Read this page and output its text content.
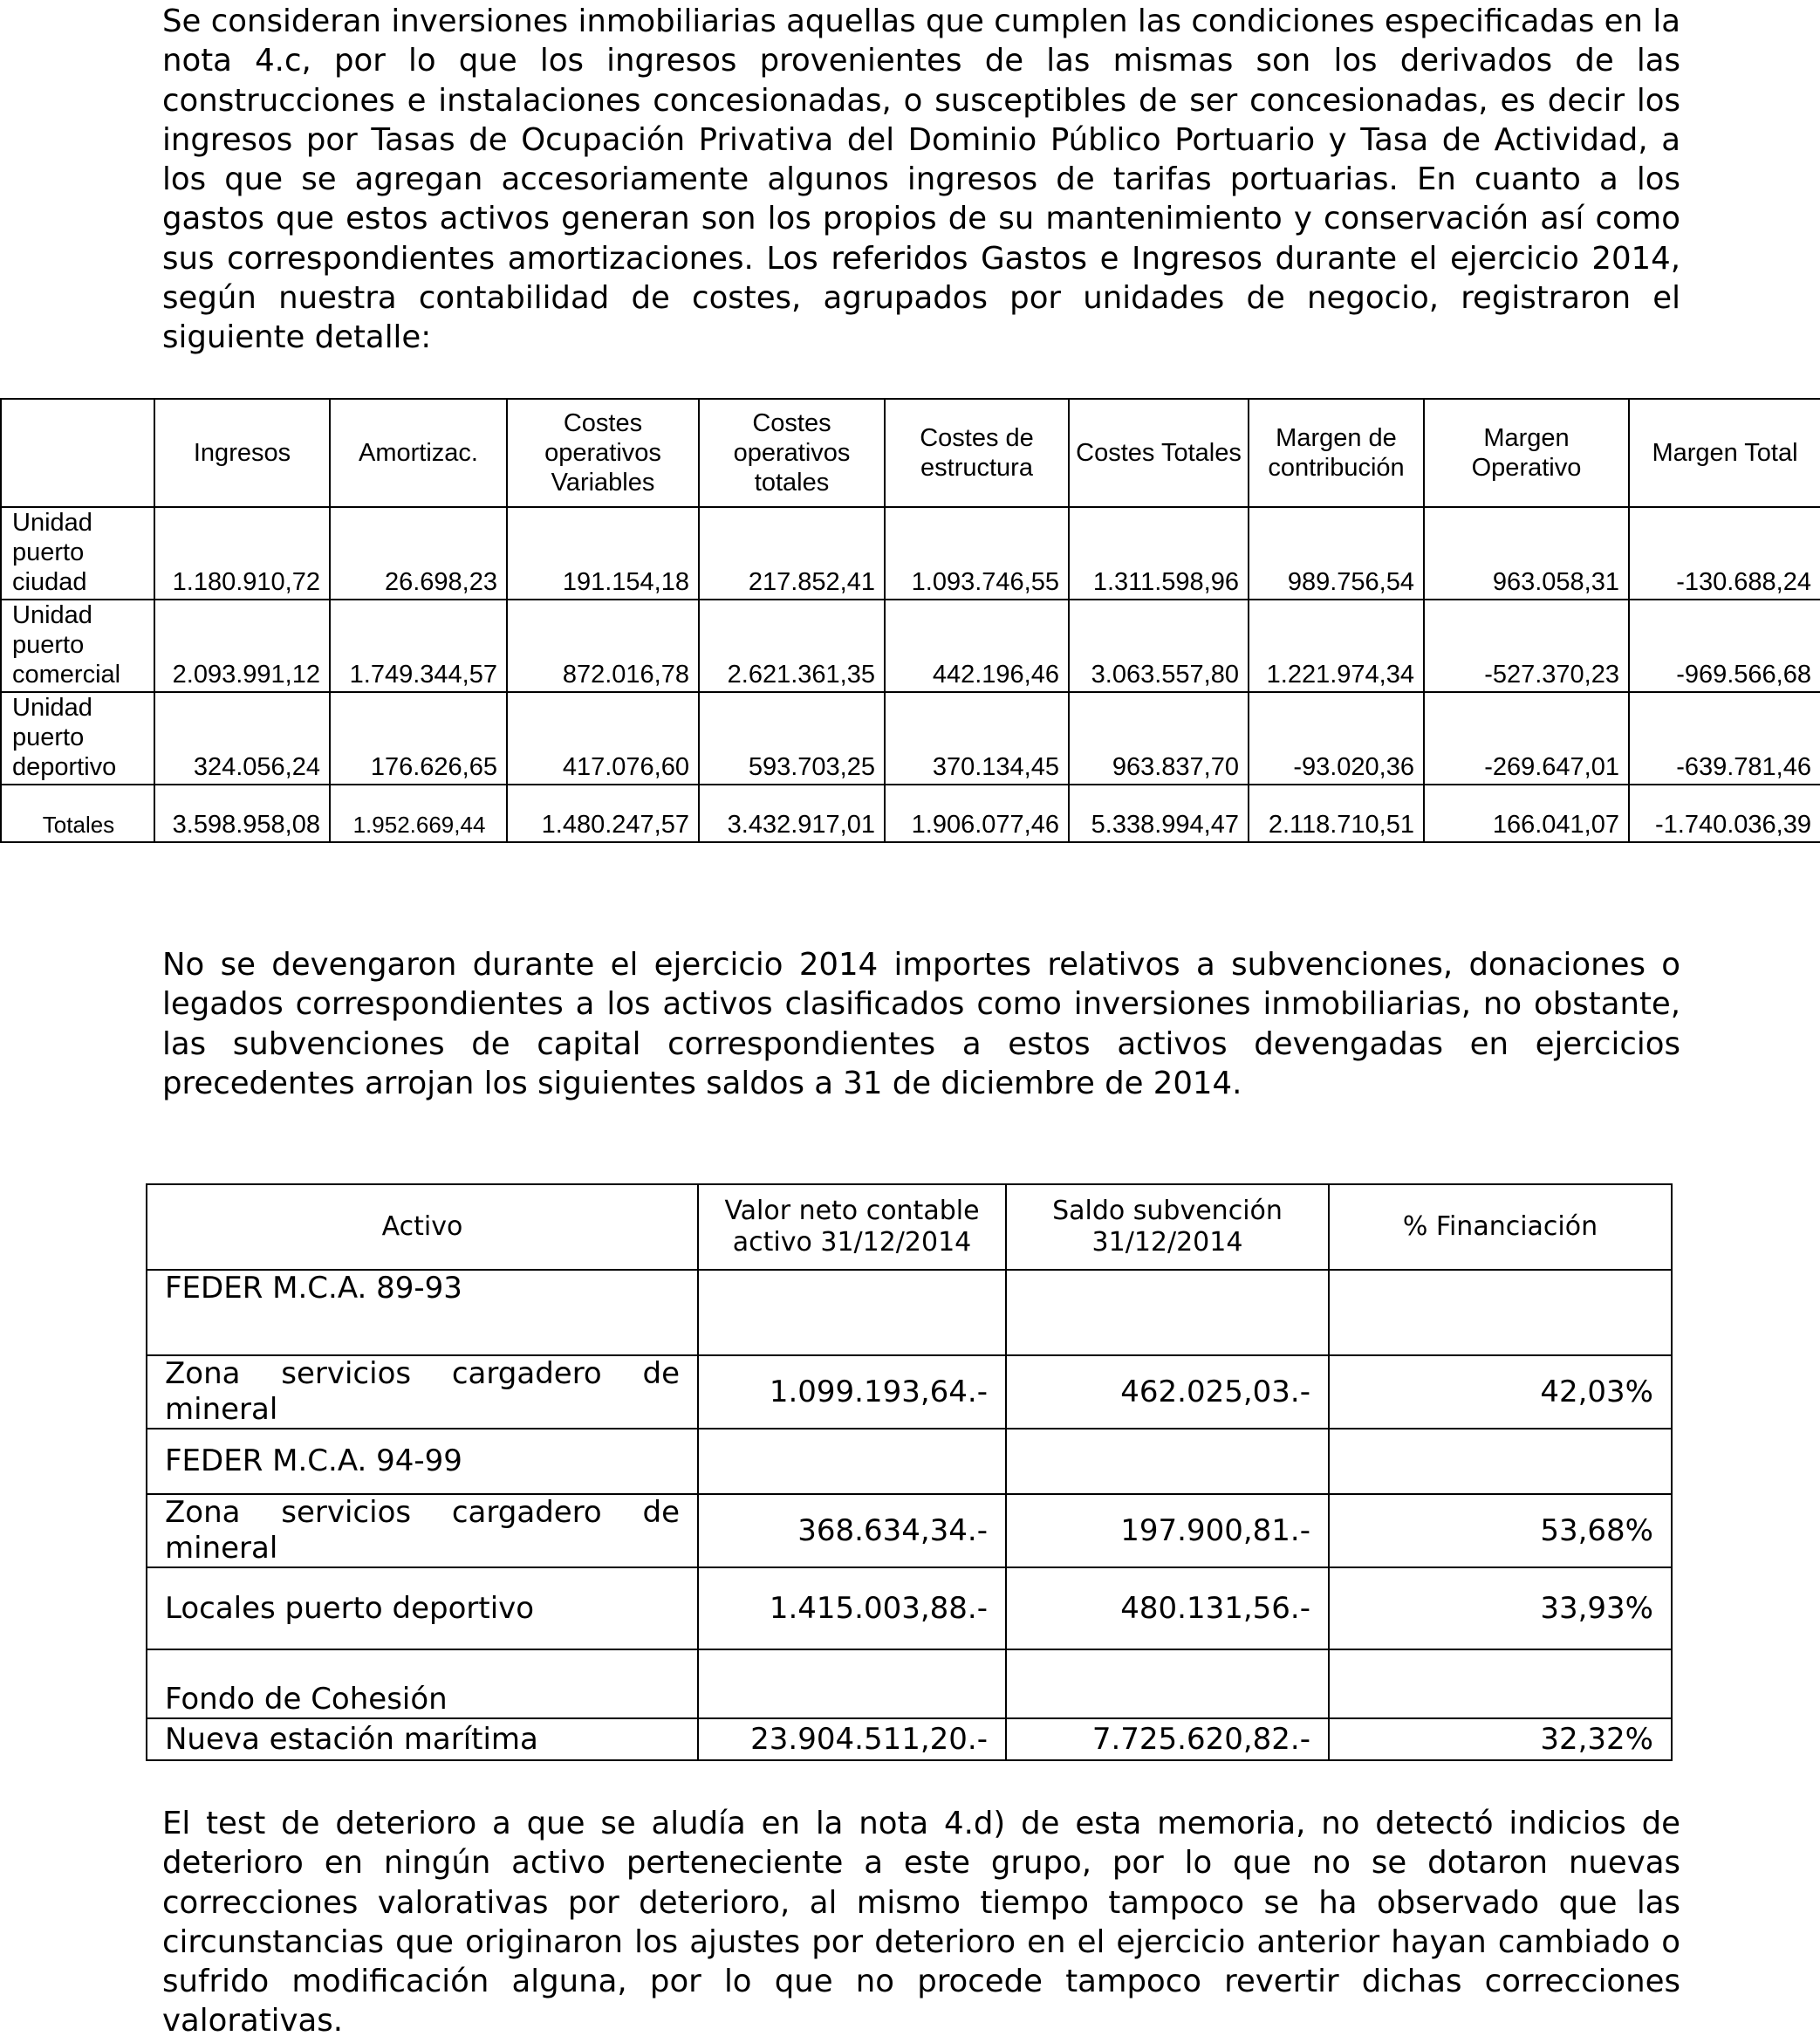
Se consideran inversiones inmobiliarias aquellas que cumplen las condiciones especificadas en la nota 4.c, por lo que los ingresos provenientes de las mismas son los derivados de las construcciones e instalaciones concesionadas, o susceptibles de ser concesionadas, es decir los ingresos por Tasas de Ocupación Privativa del Dominio Público Portuario y Tasa de Actividad, a los que se agregan accesoriamente algunos ingresos de tarifas portuarias. En cuanto a los gastos que estos activos generan son los propios de su mantenimiento y conservación así como sus correspondientes amortizaciones. Los referidos Gastos e Ingresos durante el ejercicio 2014, según nuestra contabilidad de costes, agrupados por unidades de negocio, registraron el siguiente detalle:

	Ingresos	Amortizac.	Costes operativos Variables	Costes operativos totales	Costes de estructura	Costes Totales	Margen de contribución	Margen Operativo	Margen Total
Unidad puerto ciudad	1.180.910,72	26.698,23	191.154,18	217.852,41	1.093.746,55	1.311.598,96	989.756,54	963.058,31	-130.688,24
Unidad puerto comercial	2.093.991,12	1.749.344,57	872.016,78	2.621.361,35	442.196,46	3.063.557,80	1.221.974,34	-527.370,23	-969.566,68
Unidad puerto deportivo	324.056,24	176.626,65	417.076,60	593.703,25	370.134,45	963.837,70	-93.020,36	-269.647,01	-639.781,46
Totales	3.598.958,08	1.952.669,44	1.480.247,57	3.432.917,01	1.906.077,46	5.338.994,47	2.118.710,51	166.041,07	-1.740.036,39

No se devengaron durante el ejercicio 2014 importes relativos a subvenciones, donaciones o legados correspondientes a los activos clasificados como inversiones inmobiliarias, no obstante, las subvenciones de capital correspondientes a estos activos devengadas en ejercicios precedentes arrojan los siguientes saldos a 31 de diciembre de 2014.

Activo	Valor neto contable activo 31/12/2014	Saldo subvención 31/12/2014	% Financiación
FEDER M.C.A. 89-93			
Zona servicios cargadero de mineral	1.099.193,64.-	462.025,03.-	42,03%
FEDER M.C.A. 94-99			
Zona servicios cargadero de mineral	368.634,34.-	197.900,81.-	53,68%
Locales puerto deportivo	1.415.003,88.-	480.131,56.-	33,93%
Fondo de Cohesión			
Nueva estación marítima	23.904.511,20.-	7.725.620,82.-	32,32%

El test de deterioro a que se aludía en la nota 4.d) de esta memoria, no detectó indicios de deterioro en ningún activo perteneciente a este grupo, por lo que no se dotaron nuevas correcciones valorativas por deterioro, al mismo tiempo tampoco se ha observado que las circunstancias que originaron los ajustes por deterioro en el ejercicio anterior hayan cambiado o sufrido modificación alguna, por lo que no procede tampoco revertir dichas correcciones valorativas.
